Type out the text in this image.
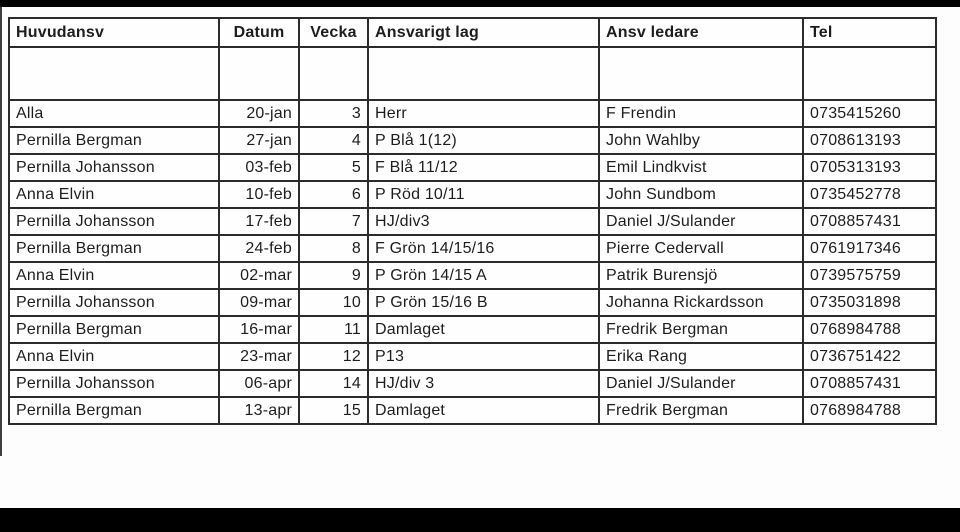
Huvudansv	Datum	Vecka	Ansvarigt lag	Ansv ledare	Tel

Alla	20-jan	3	Herr	F Frendin	0735415260
Pernilla Bergman	27-jan	4	P Blå 1(12)	John Wahlby	0708613193
Pernilla Johansson	03-feb	5	F Blå 11/12	Emil Lindkvist	0705313193
Anna Elvin	10-feb	6	P Röd 10/11	John Sundbom	0735452778
Pernilla Johansson	17-feb	7	HJ/div3	Daniel J/Sulander	0708857431
Pernilla Bergman	24-feb	8	F Grön 14/15/16	Pierre Cedervall	0761917346
Anna Elvin	02-mar	9	P Grön 14/15 A	Patrik Burensjö	0739575759
Pernilla Johansson	09-mar	10	P Grön 15/16 B	Johanna Rickardsson	0735031898
Pernilla Bergman	16-mar	11	Damlaget	Fredrik Bergman	0768984788
Anna Elvin	23-mar	12	P13	Erika Rang	0736751422
Pernilla Johansson	06-apr	14	HJ/div 3	Daniel J/Sulander	0708857431
Pernilla Bergman	13-apr	15	Damlaget	Fredrik Bergman	0768984788
